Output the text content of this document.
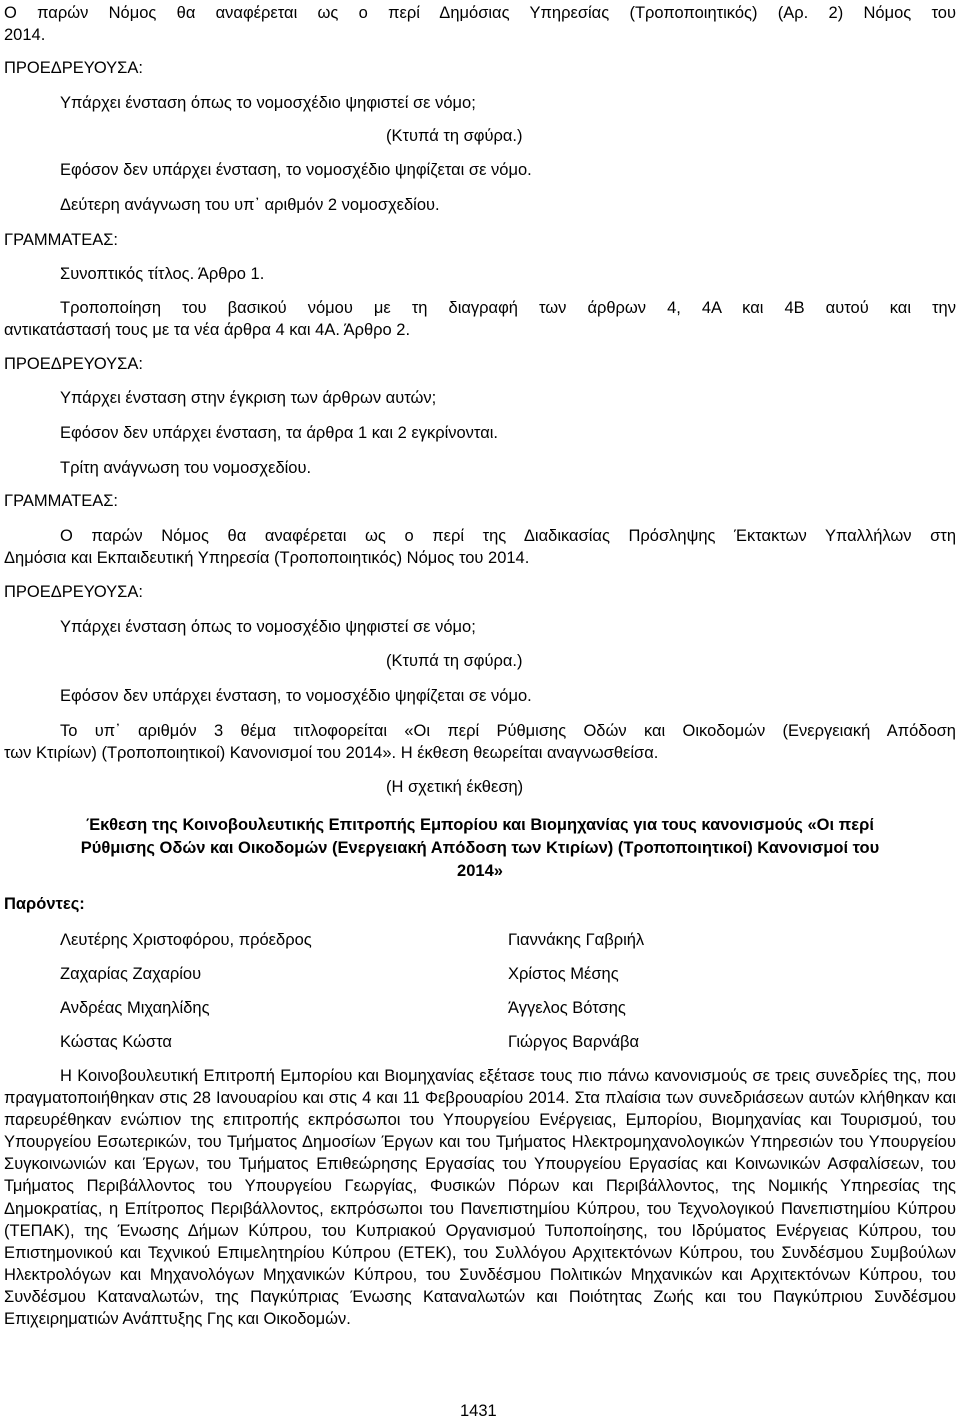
Ο παρών Νόμος θα αναφέρεται ως ο περί Δημόσιας Υπηρεσίας (Τροποποιητικός) (Αρ. 2) Νόμος του
2014.
ΠΡΟΕΔΡΕΥΟΥΣΑ:
Υπάρχει ένσταση όπως το νομοσχέδιο ψηφιστεί σε νόμο;
(Κτυπά τη σφύρα.)
Εφόσον δεν υπάρχει ένσταση, το νομοσχέδιο ψηφίζεται σε νόμο.
Δεύτερη ανάγνωση του υπ᾽ αριθμόν 2 νομοσχεδίου.
ΓΡΑΜΜΑΤΕΑΣ:
Συνοπτικός τίτλος. Άρθρο 1.
Τροποποίηση του βασικού νόμου με τη διαγραφή των άρθρων 4, 4Α και 4Β αυτού και την
αντικατάστασή τους με τα νέα άρθρα 4 και 4Α. Άρθρο 2.
ΠΡΟΕΔΡΕΥΟΥΣΑ:
Υπάρχει ένσταση στην έγκριση των άρθρων αυτών;
Εφόσον δεν υπάρχει ένσταση, τα άρθρα 1 και 2 εγκρίνονται.
Τρίτη ανάγνωση του νομοσχεδίου.
ΓΡΑΜΜΑΤΕΑΣ:
Ο παρών Νόμος θα αναφέρεται ως ο περί της Διαδικασίας Πρόσληψης Έκτακτων Υπαλλήλων στη
Δημόσια και Εκπαιδευτική Υπηρεσία (Τροποποιητικός) Νόμος του 2014.
ΠΡΟΕΔΡΕΥΟΥΣΑ:
Υπάρχει ένσταση όπως το νομοσχέδιο ψηφιστεί σε νόμο;
(Κτυπά τη σφύρα.)
Εφόσον δεν υπάρχει ένσταση, το νομοσχέδιο ψηφίζεται σε νόμο.
Το υπ᾽ αριθμόν 3 θέμα τιτλοφορείται «Οι περί Ρύθμισης Οδών και Οικοδομών (Ενεργειακή Απόδοση
των Κτιρίων) (Τροποποιητικοί) Κανονισμοί του 2014». Η έκθεση θεωρείται αναγνωσθείσα.
(Η σχετική έκθεση)
Έκθεση της Κοινοβουλευτικής Επιτροπής Εμπορίου και Βιομηχανίας για τους κανονισμούς «Οι περί
Ρύθμισης Οδών και Οικοδομών (Ενεργειακή Απόδοση των Κτιρίων) (Τροποποιητικοί) Κανονισμοί του
2014»
Παρόντες:
Λευτέρης Χριστοφόρου, πρόεδρος
Ζαχαρίας Ζαχαρίου
Ανδρέας Μιχαηλίδης
Κώστας Κώστα
Γιαννάκης Γαβριήλ
Χρίστος Μέσης
Άγγελος Βότσης
Γιώργος Βαρνάβα
Η Κοινοβουλευτική Επιτροπή Εμπορίου και Βιομηχανίας εξέτασε τους πιο πάνω κανονισμούς σε τρεις συνεδρίες της, που πραγματοποιήθηκαν στις 28 Ιανουαρίου και στις 4 και 11 Φεβρουαρίου 2014. Στα πλαίσια των συνεδριάσεων αυτών κλήθηκαν και παρευρέθηκαν ενώπιον της επιτροπής εκπρόσωποι του Υπουργείου Ενέργειας, Εμπορίου, Βιομηχανίας και Τουρισμού, του Υπουργείου Εσωτερικών, του Τμήματος Δημοσίων Έργων και του Τμήματος Ηλεκτρομηχανολογικών Υπηρεσιών του Υπουργείου Συγκοινωνιών και Έργων, του Τμήματος Επιθεώρησης Εργασίας του Υπουργείου Εργασίας και Κοινωνικών Ασφαλίσεων, του Τμήματος Περιβάλλοντος του Υπουργείου Γεωργίας, Φυσικών Πόρων και Περιβάλλοντος, της Νομικής Υπηρεσίας της Δημοκρατίας, η Επίτροπος Περιβάλλοντος, εκπρόσωποι του Πανεπιστημίου Κύπρου, του Τεχνολογικού Πανεπιστημίου Κύπρου (ΤΕΠΑΚ), της Ένωσης Δήμων Κύπρου, του Κυπριακού Οργανισμού Τυποποίησης, του Ιδρύματος Ενέργειας Κύπρου, του Επιστημονικού και Τεχνικού Επιμελητηρίου Κύπρου (ΕΤΕΚ), του Συλλόγου Αρχιτεκτόνων Κύπρου, του Συνδέσμου Συμβούλων Ηλεκτρολόγων και Μηχανολόγων Μηχανικών Κύπρου, του Συνδέσμου Πολιτικών Μηχανικών και Αρχιτεκτόνων Κύπρου, του Συνδέσμου Καταναλωτών, της Παγκύπριας Ένωσης Καταναλωτών και Ποιότητας Ζωής και του Παγκύπριου Συνδέσμου Επιχειρηματιών Ανάπτυξης Γης και Οικοδομών.
1431
